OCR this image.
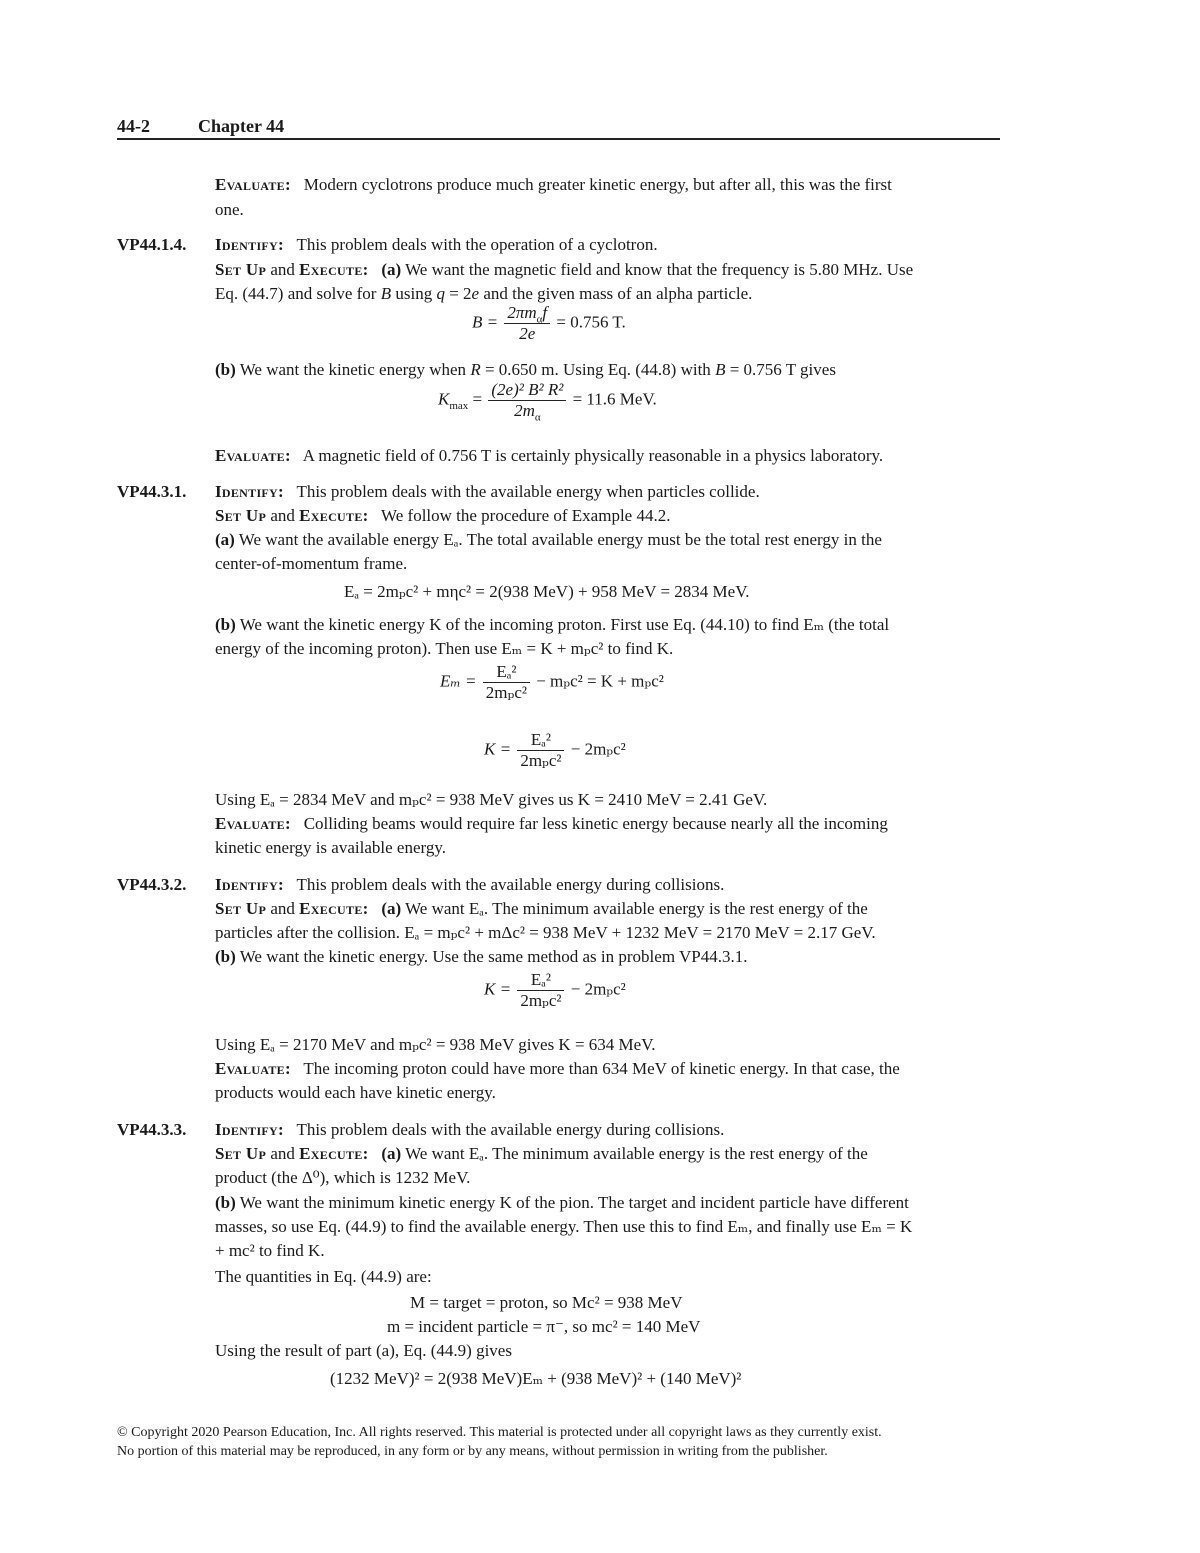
44-2	Chapter 44
Evaluate: Modern cyclotrons produce much greater kinetic energy, but after all, this was the first
one.
VP44.1.4. Identify: This problem deals with the operation of a cyclotron.
Set Up and Execute: (a) We want the magnetic field and know that the frequency is 5.80 MHz. Use
Eq. (44.7) and solve for B using q = 2e and the given mass of an alpha particle.
$B = \frac{2\pi m_\alpha f}{2e} = 0.756$ T.
(b) We want the kinetic energy when R = 0.650 m. Using Eq. (44.8) with B = 0.756 T gives
$K_{max} = \frac{\text{(2e)² B² R²}}{2m_\alpha} = 11.6$ MeV.
Evaluate: A magnetic field of 0.756 T is certainly physically reasonable in a physics laboratory.
VP44.3.1. Identify: This problem deals with the available energy when particles collide.
Set Up and Execute: We follow the procedure of Example 44.2.
(a) We want the available energy Eₐ. The total available energy must be the total rest energy in the
center-of-momentum frame.
Eₐ = 2mₚc² + mηc² = 2(938 MeV) + 958 MeV = 2834 MeV.
(b) We want the kinetic energy K of the incoming proton. First use Eq. (44.10) to find Eₘ (the total
energy of the incoming proton). Then use Eₘ = K + mₚc² to find K.
$E_m = \frac{\text{Eₐ²}}{\text{2mₚc²}} - m_pc^2 = K + m_pc^2$
$K = \frac{\text{Eₐ²}}{\text{2mₚc²}} - 2m_pc^2$
Using Eₐ = 2834 MeV and mₚc² = 938 MeV gives us K = 2410 MeV = 2.41 GeV.
Evaluate: Colliding beams would require far less kinetic energy because nearly all the incoming
kinetic energy is available energy.
VP44.3.2. Identify: This problem deals with the available energy during collisions.
Set Up and Execute: (a) We want Eₐ. The minimum available energy is the rest energy of the
particles after the collision. Eₐ = mₚc² + mΔc² = 938 MeV + 1232 MeV = 2170 MeV = 2.17 GeV.
(b) We want the kinetic energy. Use the same method as in problem VP44.3.1.
$K = \frac{\text{Eₐ²}}{\text{2mₚc²}} - 2m_pc^2$
Using Eₐ = 2170 MeV and mₚc² = 938 MeV gives K = 634 MeV.
Evaluate: The incoming proton could have more than 634 MeV of kinetic energy. In that case, the
products would each have kinetic energy.
VP44.3.3. Identify: This problem deals with the available energy during collisions.
Set Up and Execute: (a) We want Eₐ. The minimum available energy is the rest energy of the
product (the Δ⁰), which is 1232 MeV.
(b) We want the minimum kinetic energy K of the pion. The target and incident particle have different
masses, so use Eq. (44.9) to find the available energy. Then use this to find Eₘ, and finally use Eₘ = K
+ mc² to find K.
The quantities in Eq. (44.9) are:
M = target = proton, so Mc² = 938 MeV
m = incident particle = π⁻, so mc² = 140 MeV
Using the result of part (a), Eq. (44.9) gives
(1232 MeV)² = 2(938 MeV)Eₘ + (938 MeV)² + (140 MeV)²
© Copyright 2020 Pearson Education, Inc. All rights reserved. This material is protected under all copyright laws as they currently exist.
No portion of this material may be reproduced, in any form or by any means, without permission in writing from the publisher.
